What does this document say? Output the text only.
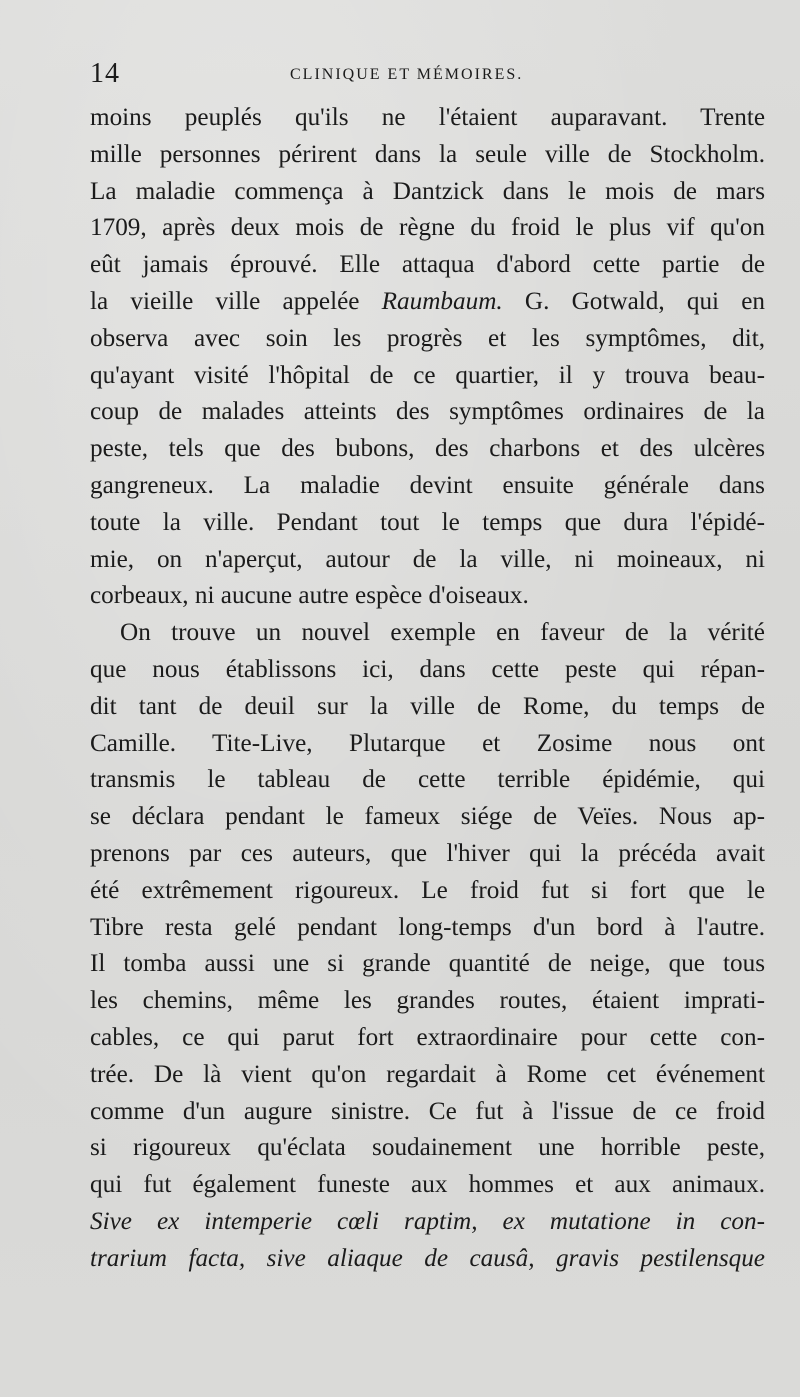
14	CLINIQUE ET MÉMOIRES.
moins peuplés qu'ils ne l'étaient auparavant. Trente
mille personnes périrent dans la seule ville de Stockholm.
La maladie commença à Dantzick dans le mois de mars
1709, après deux mois de règne du froid le plus vif qu'on
eût jamais éprouvé. Elle attaqua d'abord cette partie de
la vieille ville appelée Raumbaum. G. Gotwald, qui en
observa avec soin les progrès et les symptômes, dit,
qu'ayant visité l'hôpital de ce quartier, il y trouva beau-
coup de malades atteints des symptômes ordinaires de la
peste, tels que des bubons, des charbons et des ulcères
gangreneux. La maladie devint ensuite générale dans
toute la ville. Pendant tout le temps que dura l'épidé-
mie, on n'aperçut, autour de la ville, ni moineaux, ni
corbeaux, ni aucune autre espèce d'oiseaux.
On trouve un nouvel exemple en faveur de la vérité
que nous établissons ici, dans cette peste qui répan-
dit tant de deuil sur la ville de Rome, du temps de
Camille. Tite-Live, Plutarque et Zosime nous ont
transmis le tableau de cette terrible épidémie, qui
se déclara pendant le fameux siége de Veïes. Nous ap-
prenons par ces auteurs, que l'hiver qui la précéda avait
été extrêmement rigoureux. Le froid fut si fort que le
Tibre resta gelé pendant long-temps d'un bord à l'autre.
Il tomba aussi une si grande quantité de neige, que tous
les chemins, même les grandes routes, étaient imprati-
cables, ce qui parut fort extraordinaire pour cette con-
trée. De là vient qu'on regardait à Rome cet événement
comme d'un augure sinistre. Ce fut à l'issue de ce froid
si rigoureux qu'éclata soudainement une horrible peste,
qui fut également funeste aux hommes et aux animaux.
Sive ex intemperie cœli raptim, ex mutatione in con-
trarium facta, sive aliaque de causâ, gravis pestilensque
